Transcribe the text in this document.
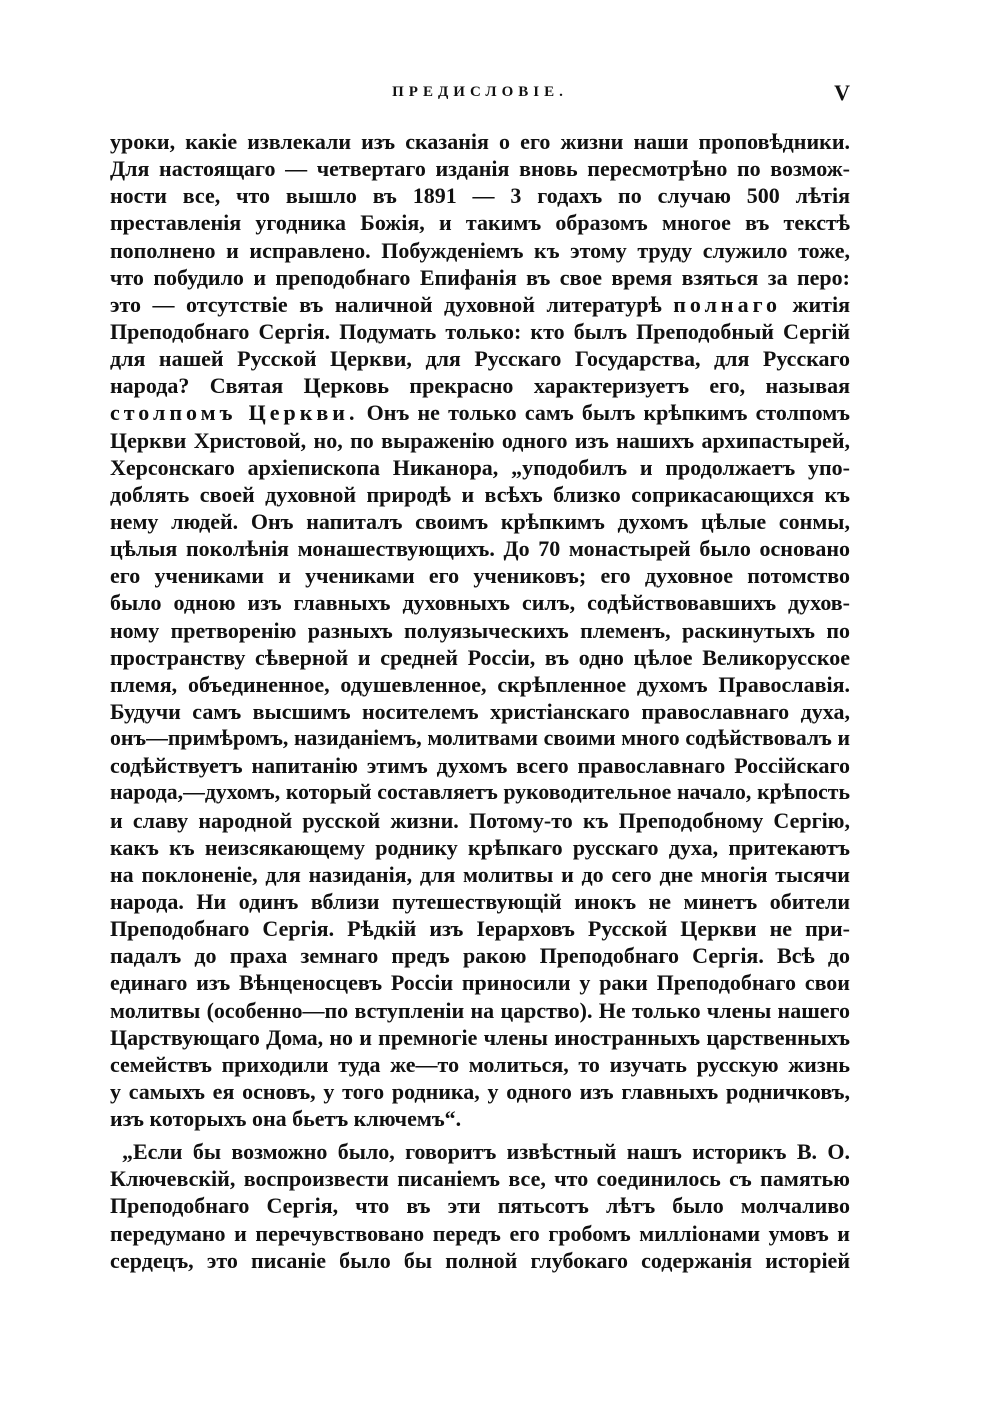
ПРЕДИСЛОВІЕ.	V
уроки, какіе извлекали изъ сказанія о его жизни наши проповѣдники.
Для настоящаго — четвертаго изданія вновь пересмотрѣно по возмож-
ности все, что вышло въ 1891 — 3 годахъ по случаю 500 лѣтія
преставленія угодника Божія, и такимъ образомъ многое въ текстѣ
пополнено и исправлено. Побужденіемъ къ этому труду служило тоже,
что побудило и преподобнаго Епифанія въ свое время взяться за перо:
это — отсутствіе въ наличной духовной литературѣ полнаго житія
Преподобнаго Сергія. Подумать только: кто былъ Преподобный Сергій
для нашей Русской Церкви, для Русскаго Государства, для Русскаго
народа? Святая Церковь прекрасно характеризуетъ его, называя
столпомъ Церкви. Онъ не только самъ былъ крѣпкимъ столпомъ
Церкви Христовой, но, по выраженію одного изъ нашихъ архипастырей,
Херсонскаго архіепископа Никанора, „уподобилъ и продолжаетъ упо-
доблять своей духовной природѣ и всѣхъ близко соприкасающихся къ
нему людей. Онъ напиталъ своимъ крѣпкимъ духомъ цѣлые сонмы,
цѣлыя поколѣнія монашествующихъ. До 70 монастырей было основано
его учениками и учениками его учениковъ; его духовное потомство
было одною изъ главныхъ духовныхъ силъ, содѣйствовавшихъ духов-
ному претворенію разныхъ полуязыческихъ племенъ, раскинутыхъ по
пространству сѣверной и средней Россіи, въ одно цѣлое Великорусское
племя, объединенное, одушевленное, скрѣпленное духомъ Православія.
Будучи самъ высшимъ носителемъ христіанскаго православнаго духа,
онъ—примѣромъ, назиданіемъ, молитвами своими много содѣйствовалъ и
содѣйствуетъ напитанію этимъ духомъ всего православнаго Россійскаго
народа,—духомъ, который составляетъ руководительное начало, крѣпость
и славу народной русской жизни. Потому-то къ Преподобному Сергію,
какъ къ неизсякающему роднику крѣпкаго русскаго духа, притекаютъ
на поклоненіе, для назиданія, для молитвы и до сего дне многія тысячи
народа. Ни одинъ вблизи путешествующій инокъ не минетъ обители
Преподобнаго Сергія. Рѣдкій изъ Іерарховъ Русской Церкви не при-
падалъ до праха земнаго предъ ракою Преподобнаго Сергія. Всѣ до
единаго изъ Вѣнценосцевъ Россіи приносили у раки Преподобнаго свои
молитвы (особенно—по вступленіи на царство). Не только члены нашего
Царствующаго Дома, но и премногіе члены иностранныхъ царственныхъ
семействъ приходили туда же—то молиться, то изучать русскую жизнь
у самыхъ ея основъ, у того родника, у одного изъ главныхъ родничковъ,
изъ которыхъ она бьетъ ключемъ“.
„Если бы возможно было, говоритъ извѣстный нашъ историкъ В. О.
Ключевскій, воспроизвести писаніемъ все, что соединилось съ памятью
Преподобнаго Сергія, что въ эти пятьсотъ лѣтъ было молчаливо
передумано и перечувствовано передъ его гробомъ милліонами умовъ и
сердецъ, это писаніе было бы полной глубокаго содержанія исторіей
